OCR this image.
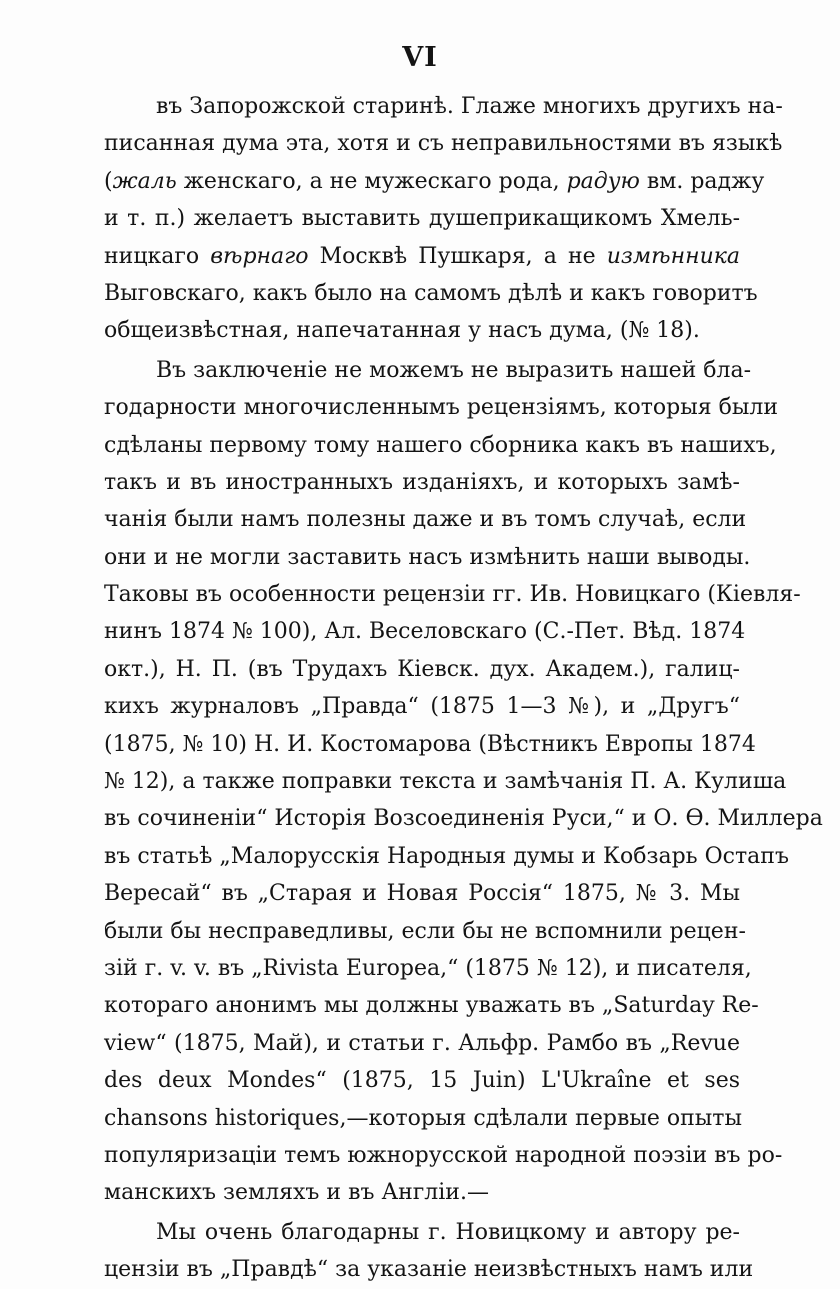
VI
въ Запорожской старинѣ. Глаже многихъ другихъ на-
писанная дума эта, хотя и съ неправильностями въ языкѣ
(жаль женскаго, а не мужескаго рода, радую вм. раджу
и т. п.) желаетъ выставить душеприкащикомъ Хмель-
ницкаго вѣрнаго Москвѣ Пушкаря, а не измѣнника
Выговскаго, какъ было на самомъ дѣлѣ и какъ говоритъ
общеизвѣстная, напечатанная у насъ дума, (№ 18).
Въ заключеніе не можемъ не выразить нашей бла-
годарности многочисленнымъ рецензіямъ, которыя были
сдѣланы первому тому нашего сборника какъ въ нашихъ,
такъ и въ иностранныхъ изданіяхъ, и которыхъ замѣ-
чанія были намъ полезны даже и въ томъ случаѣ, если
они и не могли заставить насъ измѣнить наши выводы.
Таковы въ особенности рецензіи гг. Ив. Новицкаго (Кіевля-
нинъ 1874 № 100), Ал. Веселовскаго (С.-Пет. Вѣд. 1874
окт.), Н. П. (въ Трудахъ Кіевск. дух. Академ.), галиц-
кихъ журналовъ „Правда“ (1875 1—3 №), и „Другъ“
(1875, № 10) Н. И. Костомарова (Вѣстникъ Европы 1874
№ 12), а также поправки текста и замѣчанія П. А. Кулиша
въ сочиненіи“ Исторія Возсоединенія Руси,“ и О. Ѳ. Миллера
въ статьѣ „Малорусскія Народныя думы и Кобзарь Остапъ
Вересай“ въ „Старая и Новая Россія“ 1875, № 3. Мы
были бы несправедливы, если бы не вспомнили рецен-
зій г. v. v. въ „Rivista Europea,“ (1875 № 12), и писателя,
котораго анонимъ мы должны уважать въ „Saturday Re-
view“ (1875, Май), и статьи г. Альфр. Рамбо въ „Revue
des deux Mondes“ (1875, 15 Juin) L'Ukraîne et ses
chansons historiques,—которыя сдѣлали первые опыты
популяризаціи темъ южнорусской народной поэзіи въ ро-
манскихъ земляхъ и въ Англіи.—
Мы очень благодарны г. Новицкому и автору ре-
цензіи въ „Правдѣ“ за указаніе неизвѣстныхъ намъ или
